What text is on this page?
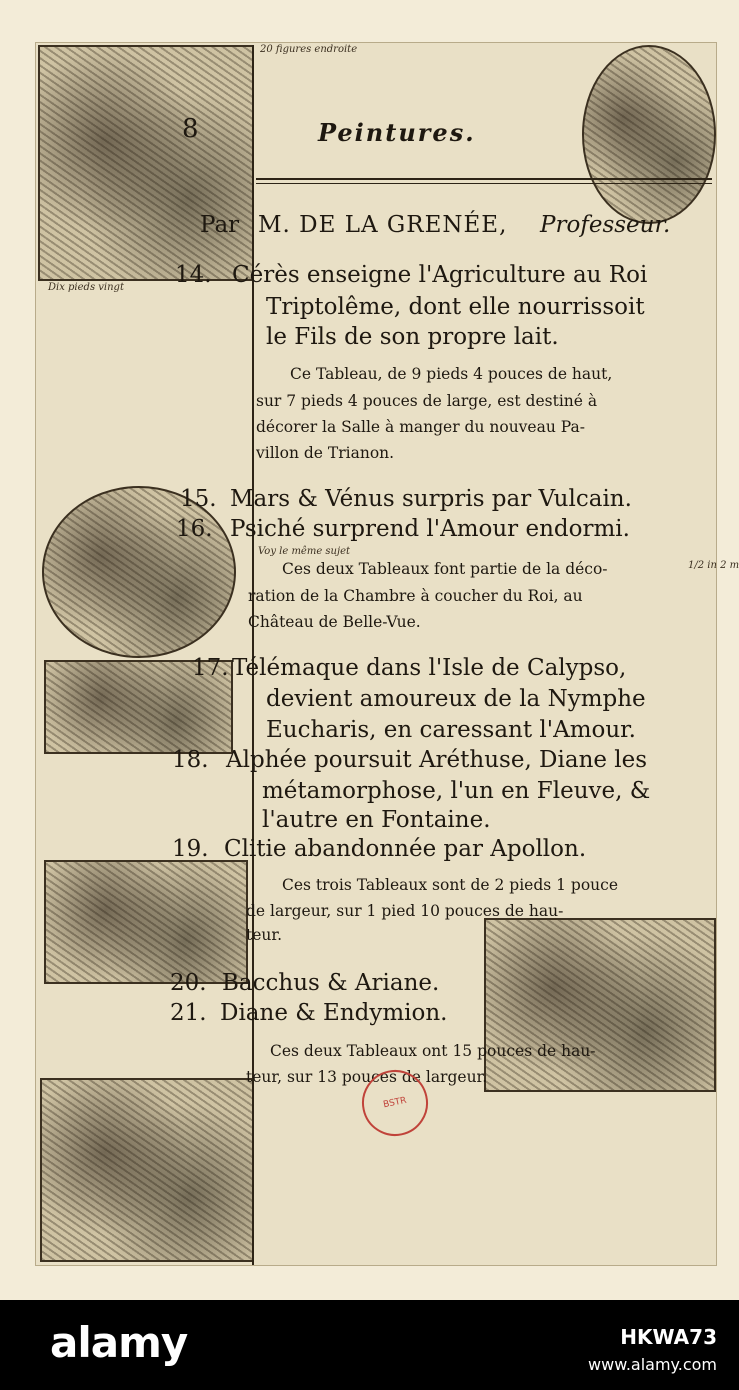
20 figures endroite
8	Peintures.
Par M. DE LA GRENÉE, Professeur.
14. Cérès enseigne l'Agriculture au Roi
Triptolême, dont elle nourrissoit
le Fils de son propre lait.
Dix pieds vingt
Ce Tableau, de 9 pieds 4 pouces de haut,
sur 7 pieds 4 pouces de large, est destiné à
décorer la Salle à manger du nouveau Pa-
villon de Trianon.
15. Mars & Vénus surpris par Vulcain.
16. Psiché surprend l'Amour endormi.
Voy le même sujet
1/2 in 2 m
Ces deux Tableaux font partie de la déco-
ration de la Chambre à coucher du Roi, au
Château de Belle-Vue.
17. Télémaque dans l'Isle de Calypso,
devient amoureux de la Nymphe
Eucharis, en caressant l'Amour.
18. Alphée poursuit Aréthuse, Diane les
métamorphose, l'un en Fleuve, &
l'autre en Fontaine.
19. Clitie abandonnée par Apollon.
Ces trois Tableaux sont de 2 pieds 1 pouce
de largeur, sur 1 pied 10 pouces de hau-
teur.
20. Bacchus & Ariane.
21. Diane & Endymion.
Ces deux Tableaux ont 15 pouces de hau-
teur, sur 13 pouces de largeur.
BSTR
alamy	HKWA73
www.alamy.com
